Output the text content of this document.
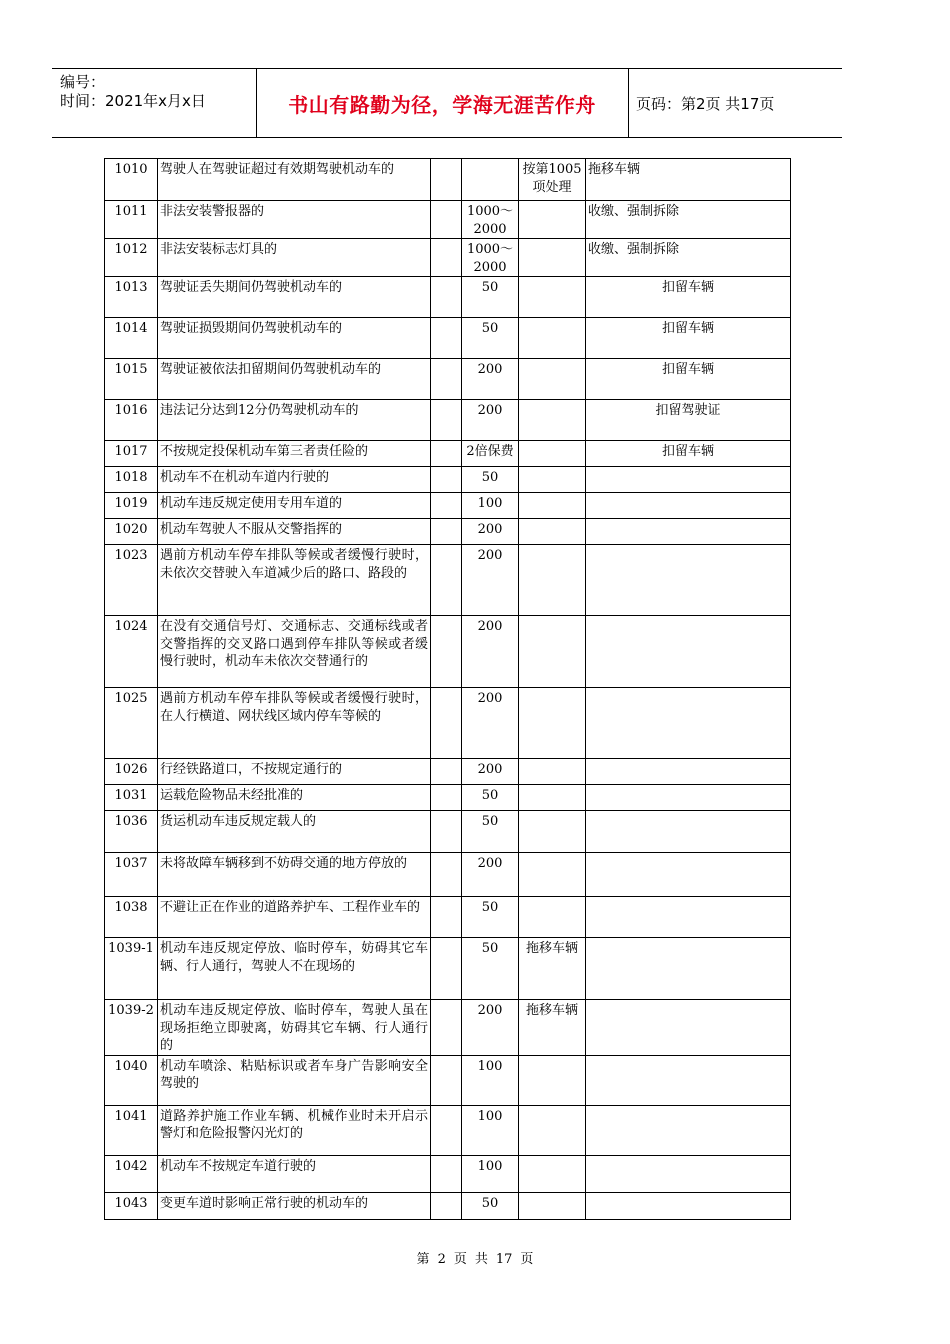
编号：
时间：2021年x月x日	书山有路勤为径，学海无涯苦作舟	页码：第2页 共17页
1010	驾驶人在驾驶证超过有效期驾驶机动车的			按第1005项处理	拖移车辆
1011	非法安装警报器的		1000～2000		收缴、强制拆除
1012	非法安装标志灯具的		1000～2000		收缴、强制拆除
1013	驾驶证丢失期间仍驾驶机动车的		50		扣留车辆
1014	驾驶证损毁期间仍驾驶机动车的		50		扣留车辆
1015	驾驶证被依法扣留期间仍驾驶机动车的		200		扣留车辆
1016	违法记分达到12分仍驾驶机动车的		200		扣留驾驶证
1017	不按规定投保机动车第三者责任险的		2倍保费		扣留车辆
1018	机动车不在机动车道内行驶的		50		
1019	机动车违反规定使用专用车道的		100		
1020	机动车驾驶人不服从交警指挥的		200		
1023	遇前方机动车停车排队等候或者缓慢行驶时，未依次交替驶入车道减少后的路口、路段的		200		
1024	在没有交通信号灯、交通标志、交通标线或者交警指挥的交叉路口遇到停车排队等候或者缓慢行驶时，机动车未依次交替通行的		200		
1025	遇前方机动车停车排队等候或者缓慢行驶时，在人行横道、网状线区域内停车等候的		200		
1026	行经铁路道口，不按规定通行的		200		
1031	运载危险物品未经批准的		50		
1036	货运机动车违反规定载人的		50		
1037	未将故障车辆移到不妨碍交通的地方停放的		200		
1038	不避让正在作业的道路养护车、工程作业车的		50		
1039-1	机动车违反规定停放、临时停车，妨碍其它车辆、行人通行，驾驶人不在现场的		50	拖移车辆	
1039-2	机动车违反规定停放、临时停车，驾驶人虽在现场拒绝立即驶离，妨碍其它车辆、行人通行的		200	拖移车辆	
1040	机动车喷涂、粘贴标识或者车身广告影响安全驾驶的		100		
1041	道路养护施工作业车辆、机械作业时未开启示警灯和危险报警闪光灯的		100		
1042	机动车不按规定车道行驶的		100		
1043	变更车道时影响正常行驶的机动车的		50		
第 2 页 共 17 页
